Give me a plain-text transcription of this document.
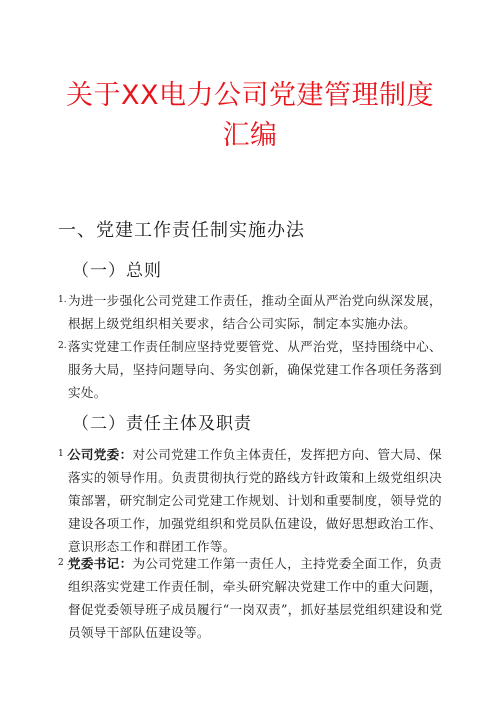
关于XX电力公司党建管理制度汇编
一、党建工作责任制实施办法
（一）总则
1. 为进一步强化公司党建工作责任，推动全面从严治党向纵深发展，根据上级党组织相关要求，结合公司实际，制定本实施办法。
2. 落实党建工作责任制应坚持党要管党、从严治党，坚持围绕中心、服务大局，坚持问题导向、务实创新，确保党建工作各项任务落到实处。
（二）责任主体及职责
1 .
公司党委：对公司党建工作负主体责任，发挥把方向、管大局、保落实的领导作用。负责贯彻执行党的路线方针政策和上级党组织决策部署，研究制定公司党建工作规划、计划和重要制度，领导党的建设各项工作，加强党组织和党员队伍建设，做好思想政治工作、意识形态工作和群团工作等。
2 .
党委书记：为公司党建工作第一责任人，主持党委全面工作，负责组织落实党建工作责任制，牵头研究解决党建工作中的重大问题，督促党委领导班子成员履行“一岗双责”，抓好基层党组织建设和党员领导干部队伍建设等。
